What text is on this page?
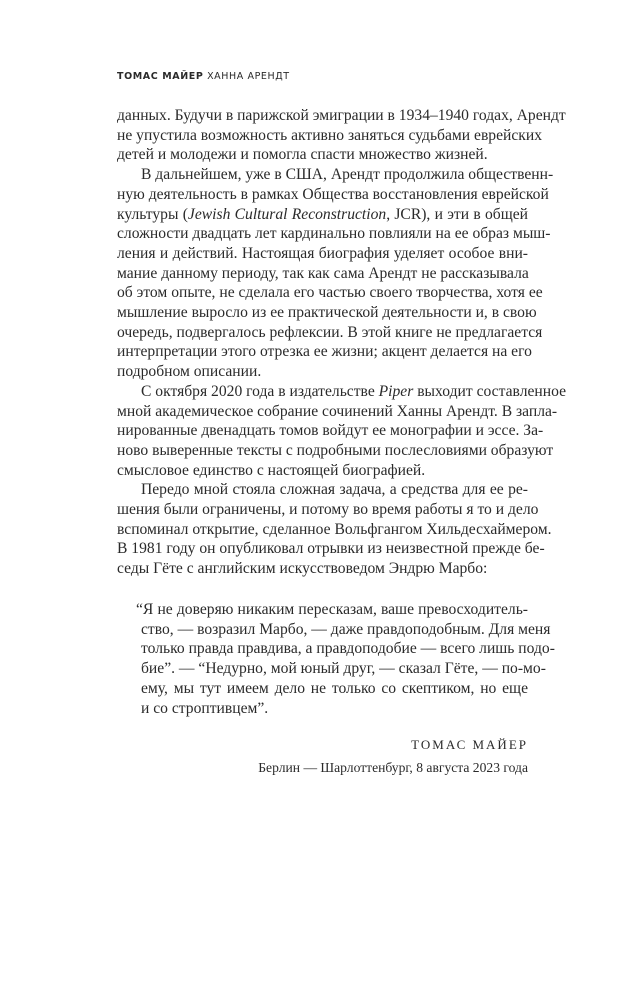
ТОМАС МАЙЕР ХАННА АРЕНДТ
данных. Будучи в парижской эмиграции в 1934–1940 годах, Арендт
не упустила возможность активно заняться судьбами еврейских
детей и молодежи и помогла спасти множество жизней.
В дальнейшем, уже в США, Арендт продолжила общественн-
ную деятельность в рамках Общества восстановления еврейской
культуры (Jewish Cultural Reconstruction, JCR), и эти в общей
сложности двадцать лет кардинально повлияли на ее образ мыш-
ления и действий. Настоящая биография уделяет особое вни-
мание данному периоду, так как сама Арендт не рассказывала
об этом опыте, не сделала его частью своего творчества, хотя ее
мышление выросло из ее практической деятельности и, в свою
очередь, подвергалось рефлексии. В этой книге не предлагается
интерпретации этого отрезка ее жизни; акцент делается на его
подробном описании.
С октября 2020 года в издательстве Piper выходит составленное
мной академическое собрание сочинений Ханны Арендт. В запла-
нированные двенадцать томов войдут ее монографии и эссе. За-
ново выверенные тексты с подробными послесловиями образуют
смысловое единство с настоящей биографией.
Передо мной стояла сложная задача, а средства для ее ре-
шения были ограничены, и потому во время работы я то и дело
вспоминал открытие, сделанное Вольфгангом Хильдесхаймером.
В 1981 году он опубликовал отрывки из неизвестной прежде бе-
седы Гёте с английским искусствоведом Эндрю Марбо:
“Я не доверяю никаким пересказам, ваше превосходитель-
ство, — возразил Марбо, — даже правдоподобным. Для меня
только правда правдива, а правдоподобие — всего лишь подо-
бие”. — “Недурно, мой юный друг, — сказал Гёте, — по-мо-
ему, мы тут имеем дело не только со скептиком, но еще
и со строптивцем”.
ТОМАС МАЙЕР
Берлин — Шарлоттенбург, 8 августа 2023 года
